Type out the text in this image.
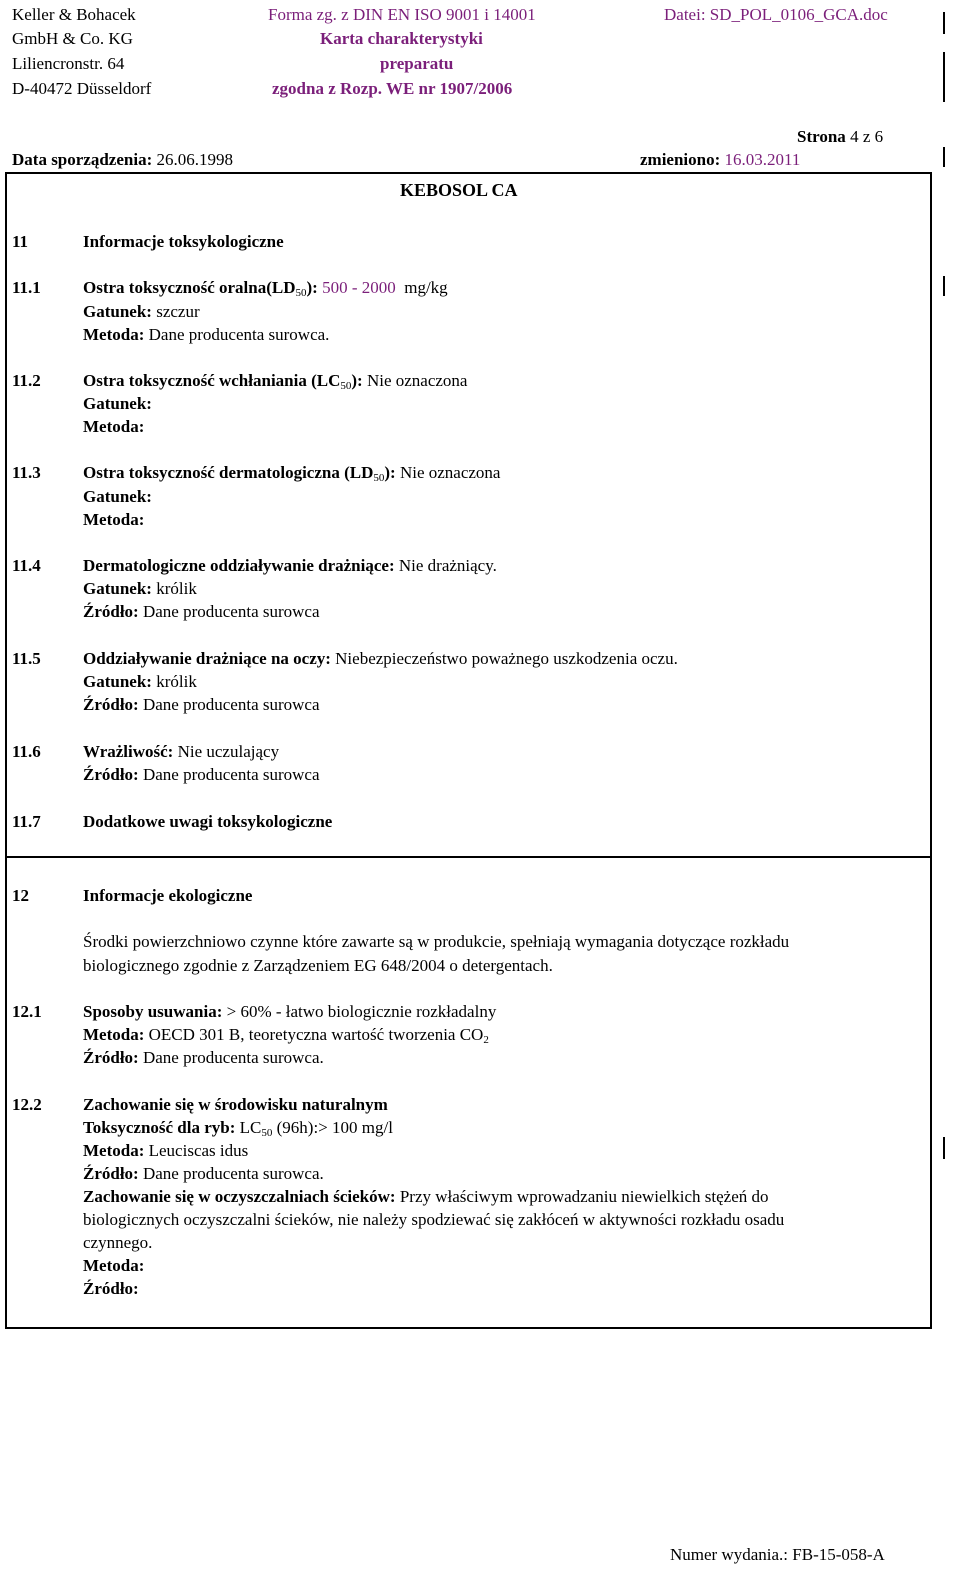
Keller & Bohacek
GmbH & Co. KG
Liliencronstr. 64
D-40472 Düsseldorf
Forma zg. z DIN EN ISO 9001 i 14001
Karta charakterystyki
preparatu
zgodna z Rozp. WE nr 1907/2006
Datei: SD_POL_0106_GCA.doc
Strona 4 z 6
Data sporządzenia: 26.06.1998	zmieniono: 16.03.2011
KEBOSOL CA
11	Informacje toksykologiczne
11.1 Ostra toksyczność $oralna(LD_{50})$: 500 - 2000 mg/kg
Gatunek: szczur
Metoda: Dane producenta surowca.
11.2 Ostra toksyczność wchłaniania $(LC_{50})$: Nie oznaczona
Gatunek:
Metoda:
11.3 Ostra toksyczność dermatologiczna $(LD_{50})$: Nie oznaczona
Gatunek:
Metoda:
11.4 Dermatologiczne oddziaływanie drażniące: Nie drażniący.
Gatunek: królik
Źródło: Dane producenta surowca
11.5 Oddziaływanie drażniące na oczy: Niebezpieczeństwo poważnego uszkodzenia oczu.
Gatunek: królik
Źródło: Dane producenta surowca
11.6 Wrażliwość: Nie uczulający
Źródło: Dane producenta surowca
11.7 Dodatkowe uwagi toksykologiczne
12	Informacje ekologiczne
Środki powierzchniowo czynne które zawarte są w produkcie, spełniają wymagania dotyczące rozkładu
biologicznego zgodnie z Zarządzeniem EG 648/2004 o detergentach.
12.1 Sposoby usuwania: > 60% - łatwo biologicznie rozkładalny
Metoda: OECD 301 B, teoretyczna wartość tworzenia $CO_2$
Źródło: Dane producenta surowca.
12.2 Zachowanie się w środowisku naturalnym
Toksyczność dla ryb: $LC_{50}$ (96h):> 100 mg/l
Metoda: Leuciscas idus
Źródło: Dane producenta surowca.
Zachowanie się w oczyszczalniach ścieków: Przy właściwym wprowadzaniu niewielkich stężeń do
biologicznych oczyszczalni ścieków, nie należy spodziewać się zakłóceń w aktywności rozkładu osadu
czynnego.
Metoda:
Źródło:
Numer wydania.: FB-15-058-A
